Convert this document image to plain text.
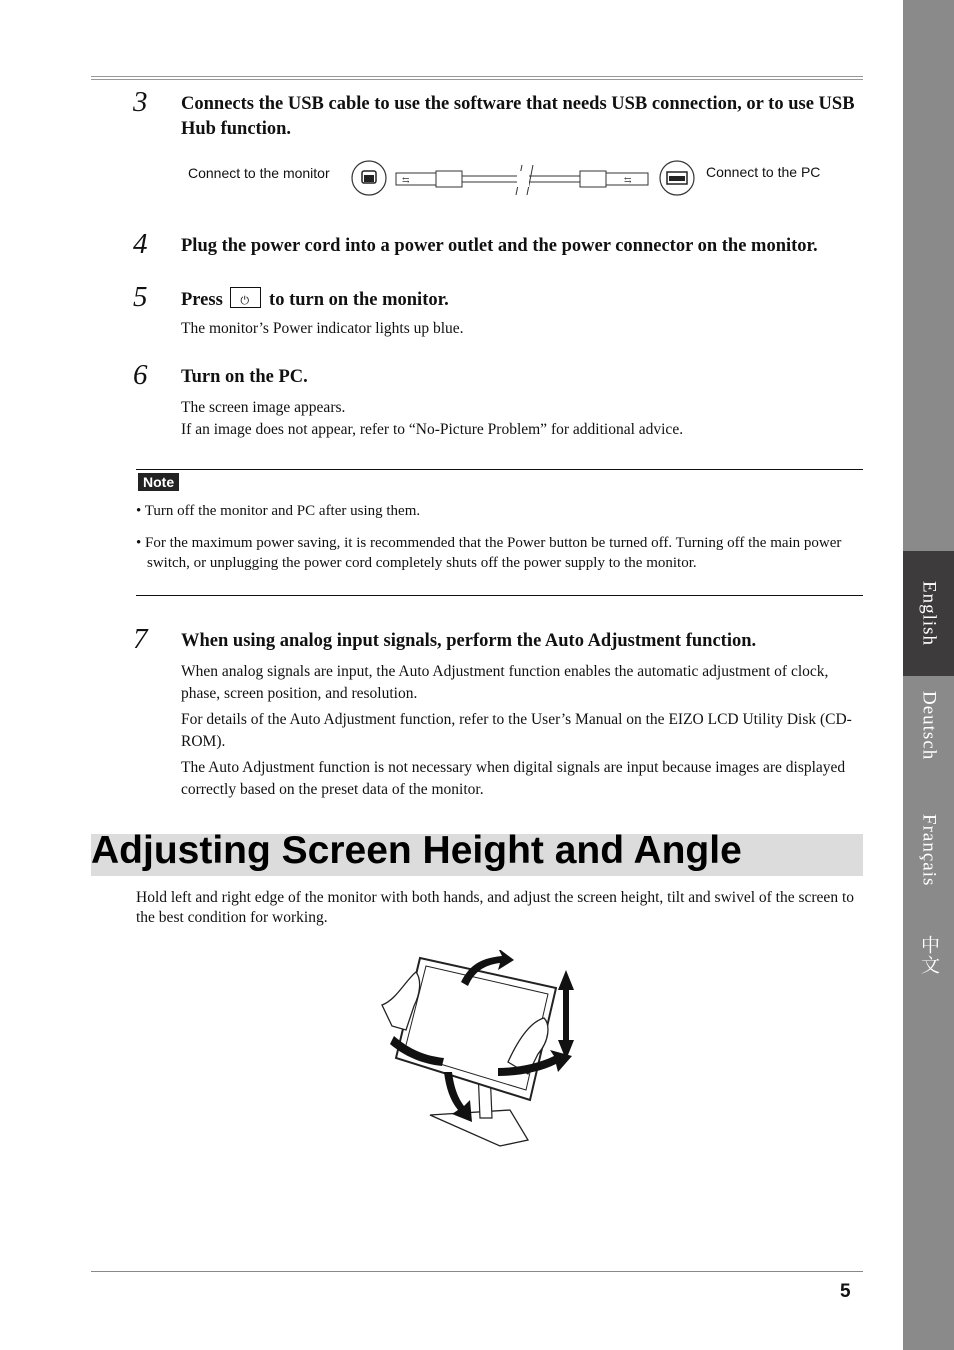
English
Deutsch
Français
中文
3 Connects the USB cable to use the software that needs USB connection, or to use USB Hub function.
Connect to the monitor	Connect to the PC
⇆	⇆
4 Plug the power cord into a power outlet and the power connector on the monitor.
5 Press ⏻ to turn on the monitor.
The monitor’s Power indicator lights up blue.
6 Turn on the PC.
The screen image appears.
If an image does not appear, refer to “No-Picture Problem” for additional advice.
Note
• Turn off the monitor and PC after using them.
• For the maximum power saving, it is recommended that the Power button be turned off. Turning off the main power switch, or unplugging the power cord completely shuts off the power supply to the monitor.
7 When using analog input signals, perform the Auto Adjustment function.
When analog signals are input, the Auto Adjustment function enables the automatic adjustment of clock, phase, screen position, and resolution.
For details of the Auto Adjustment function, refer to the User’s Manual on the EIZO LCD Utility Disk (CD-ROM).
The Auto Adjustment function is not necessary when digital signals are input because images are displayed correctly based on the preset data of the monitor.
Adjusting Screen Height and Angle
Hold left and right edge of the monitor with both hands, and adjust the screen height, tilt and swivel of the screen to the best condition for working.
5
